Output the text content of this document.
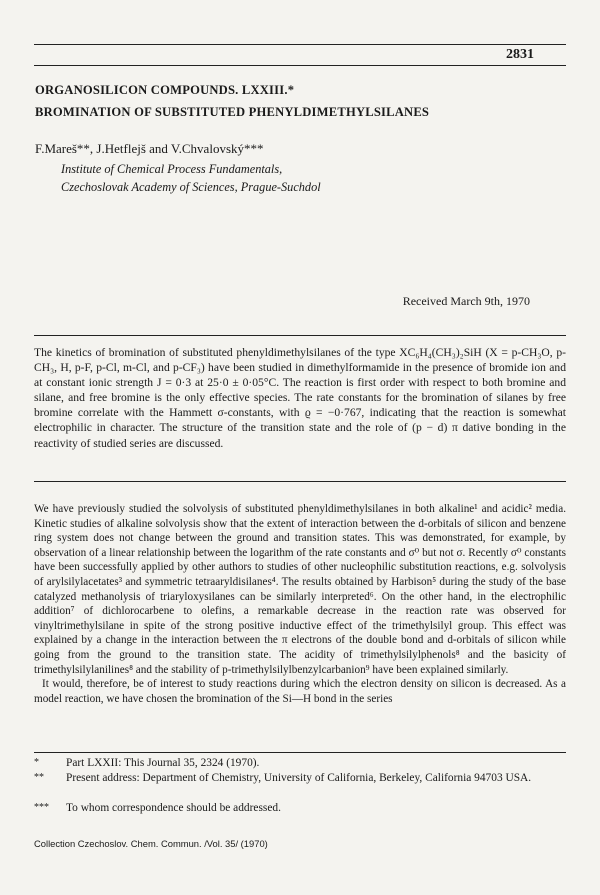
2831
ORGANOSILICON COMPOUNDS. LXXIII.*
BROMINATION OF SUBSTITUTED PHENYLDIMETHYLSILANES
F.Mareš**, J.Hetflejš and V.Chvalovský***
Institute of Chemical Process Fundamentals,
Czechoslovak Academy of Sciences, Prague-Suchdol
Received March 9th, 1970
The kinetics of bromination of substituted phenyldimethylsilanes of the type XC₆H₄(CH₃)₂SiH (X = p-CH₃O, p-CH₃, H, p-F, p-Cl, m-Cl, and p-CF₃) have been studied in dimethylformamide in the presence of bromide ion and at constant ionic strength J = 0·3 at 25·0 ± 0·05°C. The reaction is first order with respect to both bromine and silane, and free bromine is the only effective species. The rate constants for the bromination of silanes by free bromine correlate with the Hammett σ-constants, with ϱ = −0·767, indicating that the reaction is somewhat electrophilic in character. The structure of the transition state and the role of (p − d) π dative bonding in the reactivity of studied series are discussed.

We have previously studied the solvolysis of substituted phenyldimethylsilanes in both alkaline¹ and acidic² media. Kinetic studies of alkaline solvolysis show that the extent of interaction between the d-orbitals of silicon and benzene ring system does not change between the ground and transition states. This was demonstrated, for example, by observation of a linear relationship between the logarithm of the rate constants and σ⁰ but not σ. Recently σ⁰ constants have been successfully applied by other authors to studies of other nucleophilic substitution reactions, e.g. solvolysis of arylsilylacetates³ and symmetric tetraaryldisilanes⁴. The results obtained by Harbison⁵ during the study of the base catalyzed methanolysis of triaryloxysilanes can be similarly interpreted⁶. On the other hand, in the electrophilic addition⁷ of dichlorocarbene to olefins, a remarkable decrease in the reaction rate was observed for vinyltrimethylsilane in spite of the strong positive inductive effect of the trimethylsilyl group. This effect was explained by a change in the interaction between the π electrons of the double bond and d-orbitals of silicon while going from the ground to the transition state. The acidity of trimethylsilylphenols⁸ and the basicity of trimethylsilylanilines⁸ and the stability of p-trimethylsilylbenzylcarbanion⁹ have been explained similarly.

It would, therefore, be of interest to study reactions during which the electron density on silicon is decreased. As a model reaction, we have chosen the bromination of the Si—H bond in the series

* Part LXXII: This Journal 35, 2324 (1970).
** Present address: Department of Chemistry, University of California, Berkeley, California 94703 USA.
*** To whom correspondence should be addressed.
Collection Czechoslov. Chem. Commun. /Vol. 35/ (1970)
